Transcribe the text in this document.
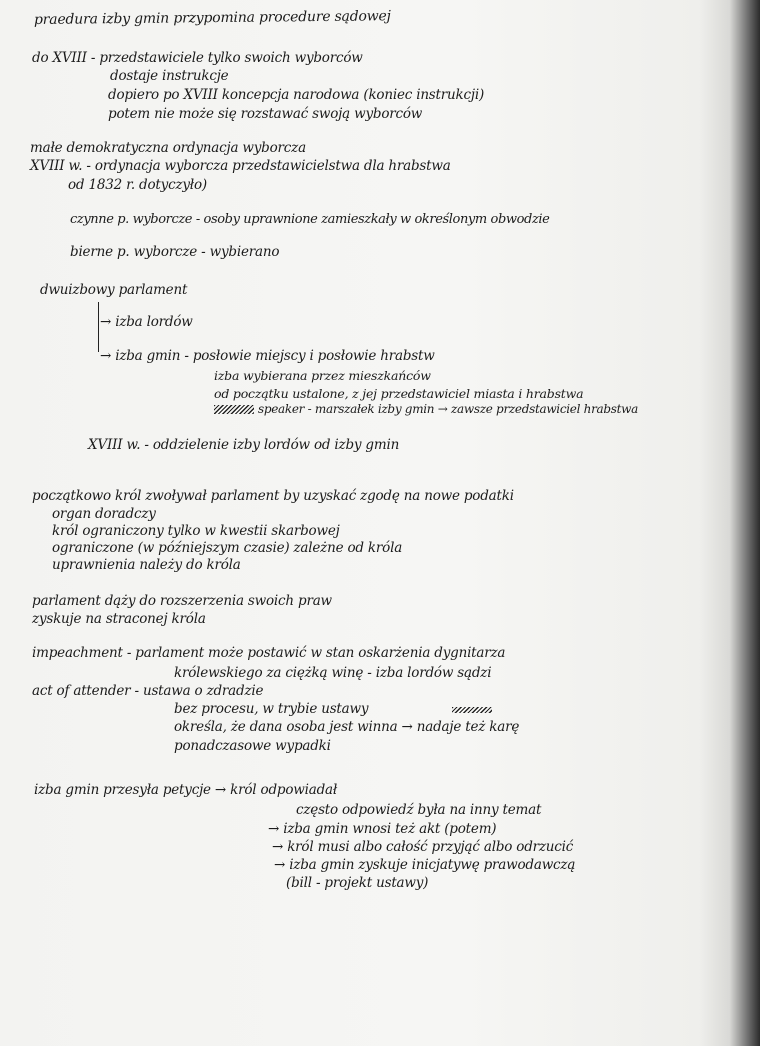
praedura izby gmin przypomina procedure sądowej
do XVIII - przedstawiciele tylko swoich wyborców
dostaje instrukcje
dopiero po XVIII koncepcja narodowa (koniec instrukcji)
potem nie może się rozstawać swoją wyborców
małe demokratyczna ordynacja wyborcza
XVIII w. - ordynacja wyborcza przedstawicielstwa dla hrabstwa
od 1832 r. dotyczyło)
czynne p. wyborcze - osoby uprawnione zamieszkały w określonym obwodzie
bierne p. wyborcze - wybierano
dwuizbowy parlament
→ izba lordów
→ izba gmin - posłowie miejscy i posłowie hrabstw
izba wybierana przez mieszkańców
od początku ustalone, z jej przedstawiciel miasta i hrabstwa
speaker - marszałek izby gmin → zawsze przedstawiciel hrabstwa
XVIII w. - oddzielenie izby lordów od izby gmin
początkowo król zwoływał parlament by uzyskać zgodę na nowe podatki
organ doradczy
król ograniczony tylko w kwestii skarbowej
ograniczone (w późniejszym czasie) zależne od króla
uprawnienia należy do króla
parlament dąży do rozszerzenia swoich praw
zyskuje na straconej króla
impeachment - parlament może postawić w stan oskarżenia dygnitarza
królewskiego za ciężką winę - izba lordów sądzi
act of attender - ustawa o zdradzie
bez procesu, w trybie ustawy
określa, że dana osoba jest winna → nadaje też karę
ponadczasowe wypadki
izba gmin przesyła petycje → król odpowiadał
często odpowiedź była na inny temat
→ izba gmin wnosi też akt (potem)
→ król musi albo całość przyjąć albo odrzucić
→ izba gmin zyskuje inicjatywę prawodawczą
(bill - projekt ustawy)
